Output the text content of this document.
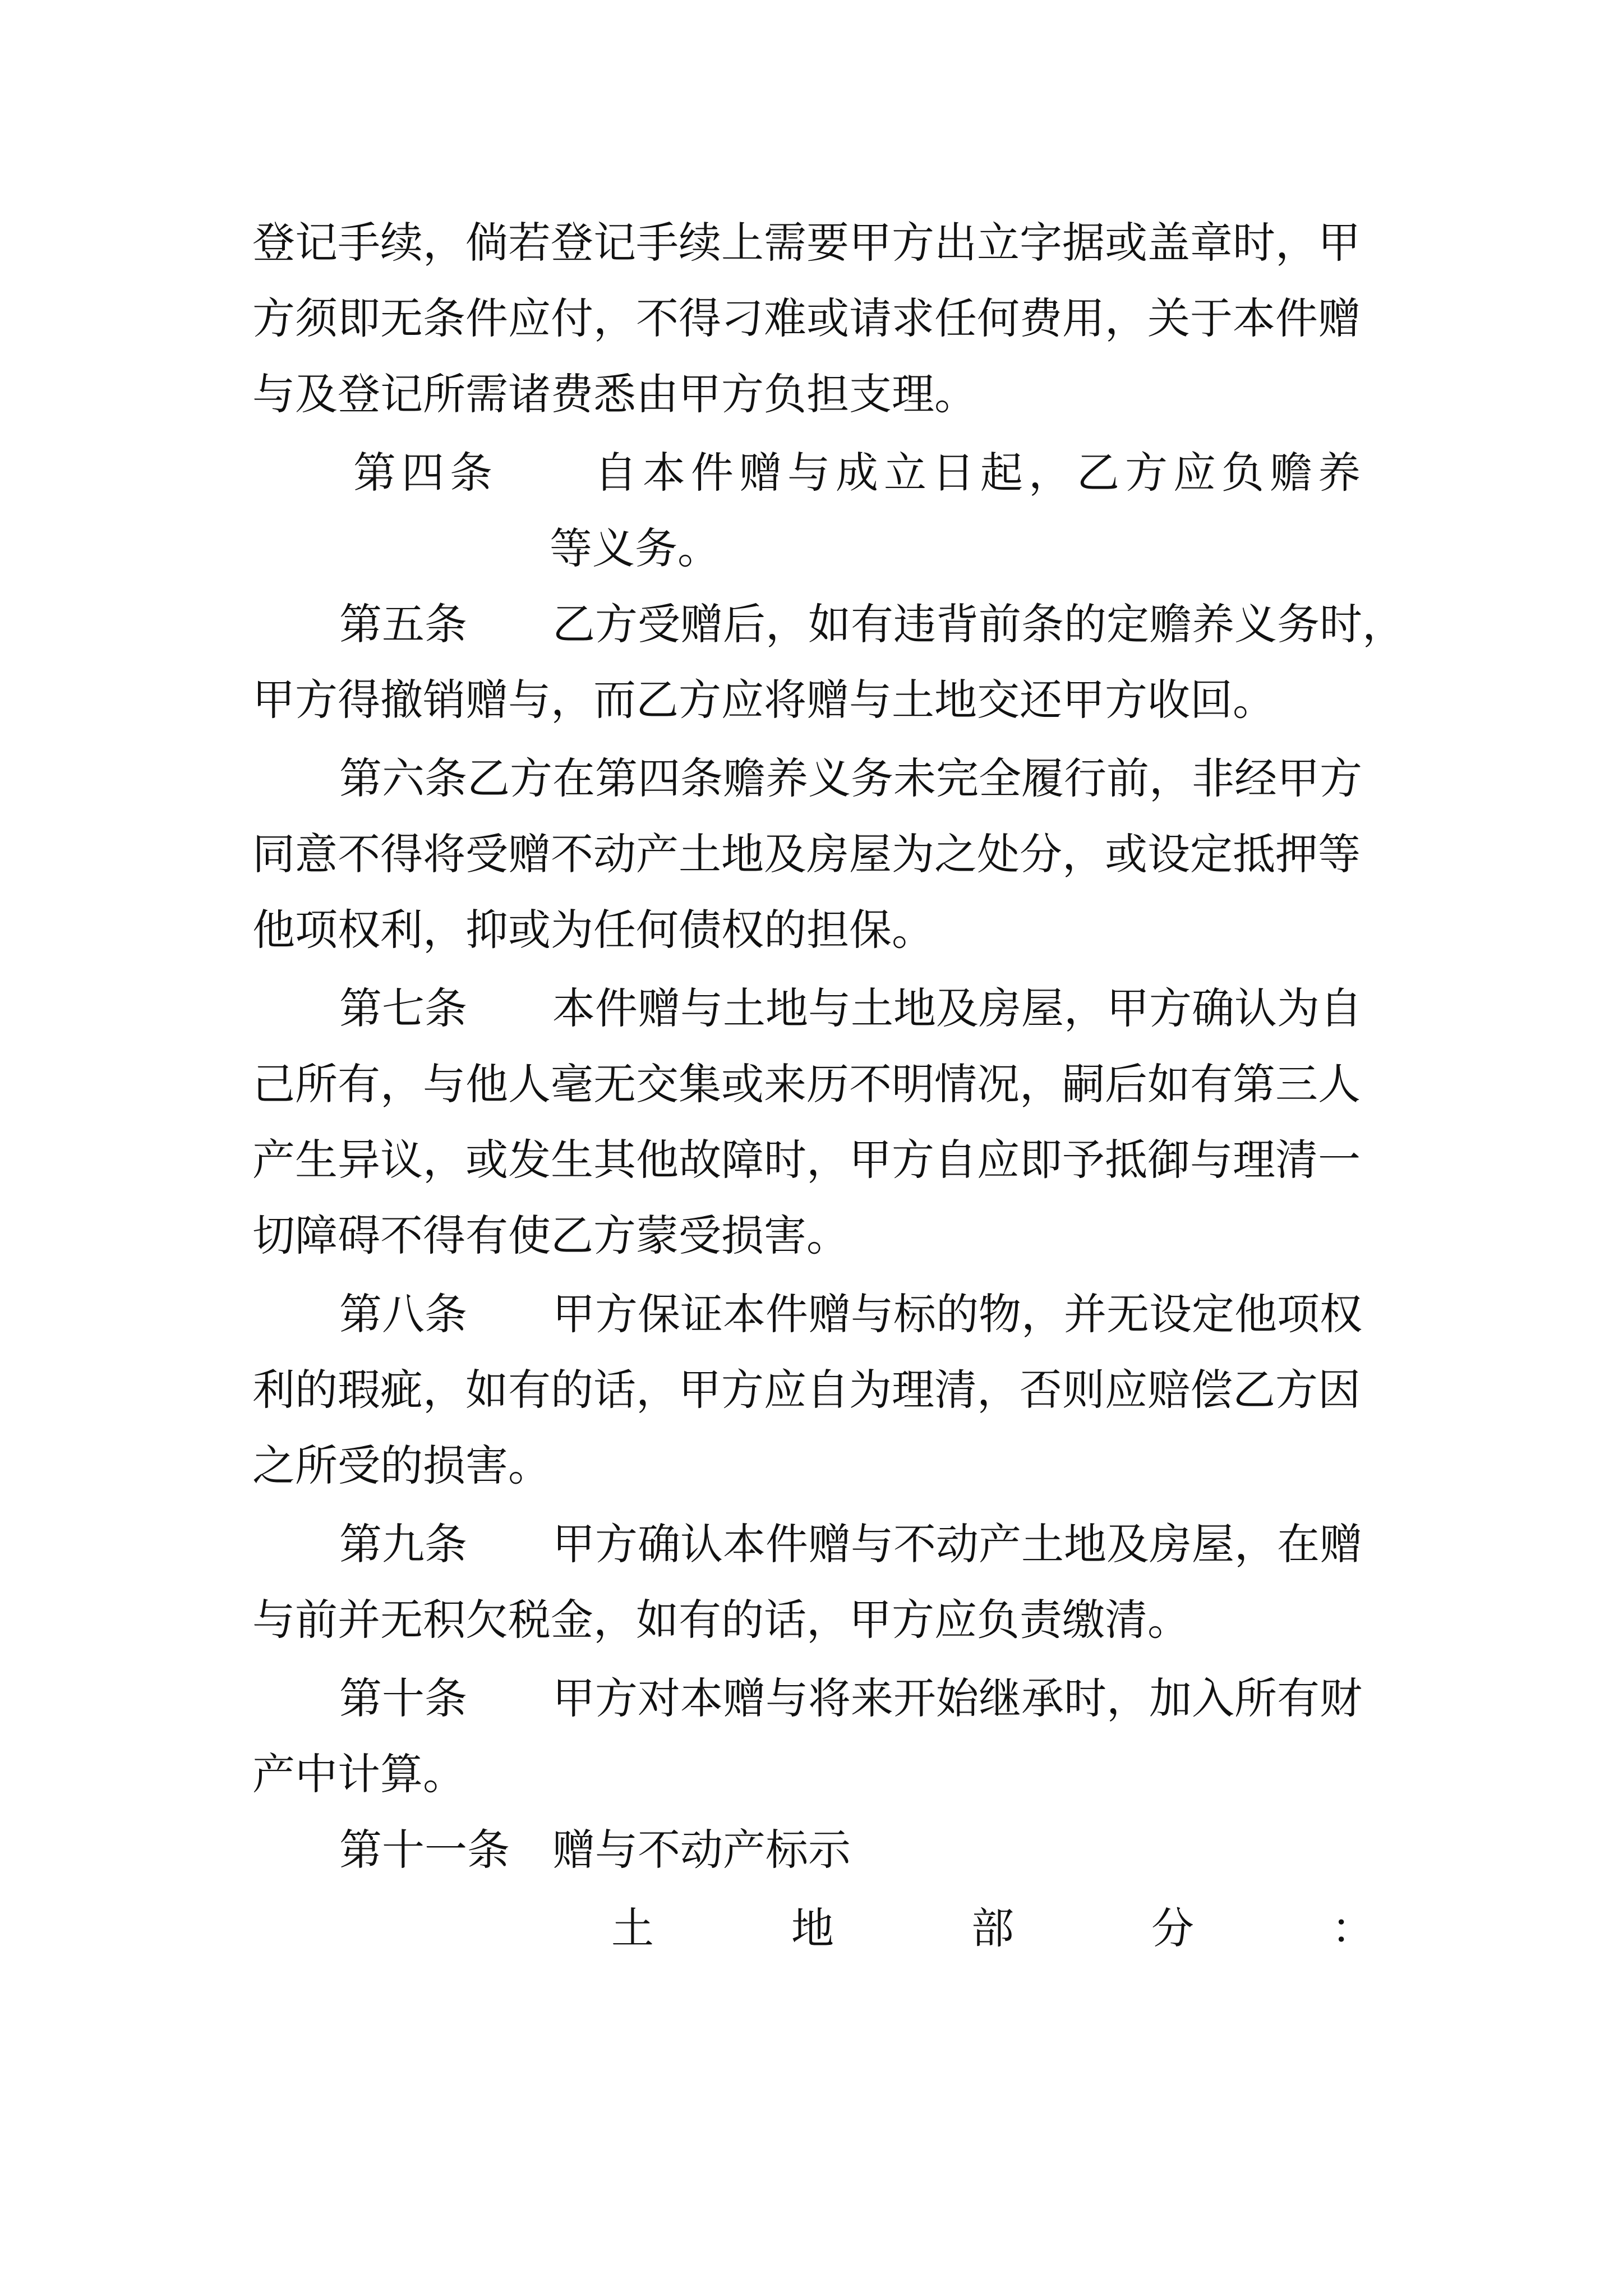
登记手续，倘若登记手续上需要甲方出立字据或盖章时，甲
方须即无条件应付，不得刁难或请求任何费用，关于本件赠
与及登记所需诸费悉由甲方负担支理。
第四条　　自本件赠与成立日起，乙方应负赡养
等义务。
第五条　　乙方受赠后，如有违背前条的定赡养义务时，
甲方得撤销赠与，而乙方应将赠与土地交还甲方收回。
第六条乙方在第四条赡养义务未完全履行前，非经甲方
同意不得将受赠不动产土地及房屋为之处分，或设定抵押等
他项权利，抑或为任何债权的担保。
第七条　　本件赠与土地与土地及房屋，甲方确认为自
己所有，与他人毫无交集或来历不明情况，嗣后如有第三人
产生异议，或发生其他故障时，甲方自应即予抵御与理清一
切障碍不得有使乙方蒙受损害。
第八条　　甲方保证本件赠与标的物，并无设定他项权
利的瑕疵，如有的话，甲方应自为理清，否则应赔偿乙方因
之所受的损害。
第九条　　甲方确认本件赠与不动产土地及房屋，在赠
与前并无积欠税金，如有的话，甲方应负责缴清。
第十条　　甲方对本赠与将来开始继承时，加入所有财
产中计算。
第十一条　赠与不动产标示
土	地	部	分	：
